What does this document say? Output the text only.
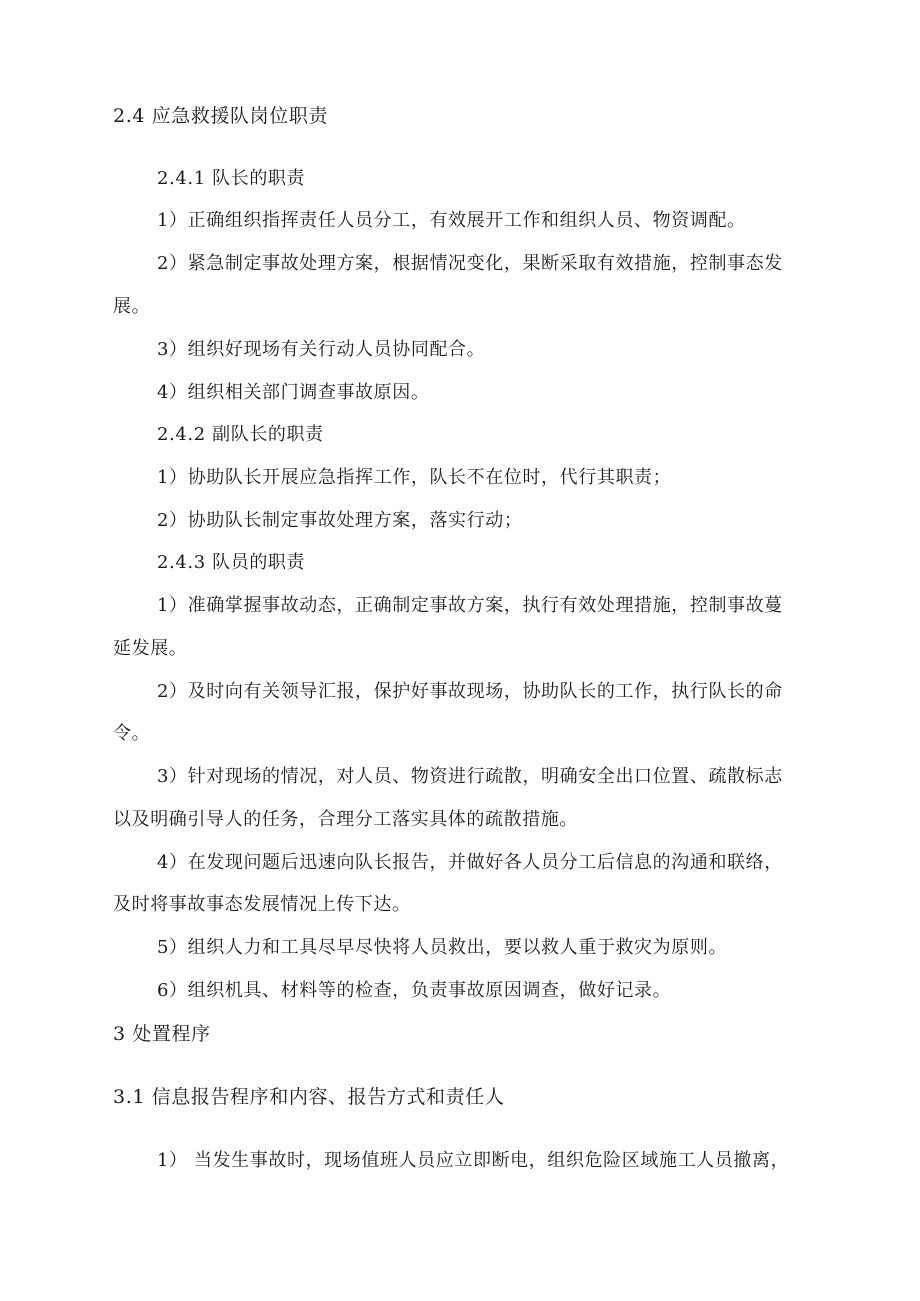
2.4 应急救援队岗位职责
2.4.1 队长的职责
1）正确组织指挥责任人员分工，有效展开工作和组织人员、物资调配。
2）紧急制定事故处理方案，根据情况变化，果断采取有效措施，控制事态发
展。
3）组织好现场有关行动人员协同配合。
4）组织相关部门调查事故原因。
2.4.2 副队长的职责
1）协助队长开展应急指挥工作，队长不在位时，代行其职责；
2）协助队长制定事故处理方案，落实行动；
2.4.3 队员的职责
1）准确掌握事故动态，正确制定事故方案，执行有效处理措施，控制事故蔓
延发展。
2）及时向有关领导汇报，保护好事故现场，协助队长的工作，执行队长的命
令。
3）针对现场的情况，对人员、物资进行疏散，明确安全出口位置、疏散标志
以及明确引导人的任务，合理分工落实具体的疏散措施。
4）在发现问题后迅速向队长报告，并做好各人员分工后信息的沟通和联络，
及时将事故事态发展情况上传下达。
5）组织人力和工具尽早尽快将人员救出，要以救人重于救灾为原则。
6）组织机具、材料等的检查，负责事故原因调查，做好记录。
3 处置程序
3.1 信息报告程序和内容、报告方式和责任人
1） 当发生事故时，现场值班人员应立即断电，组织危险区域施工人员撤离，
